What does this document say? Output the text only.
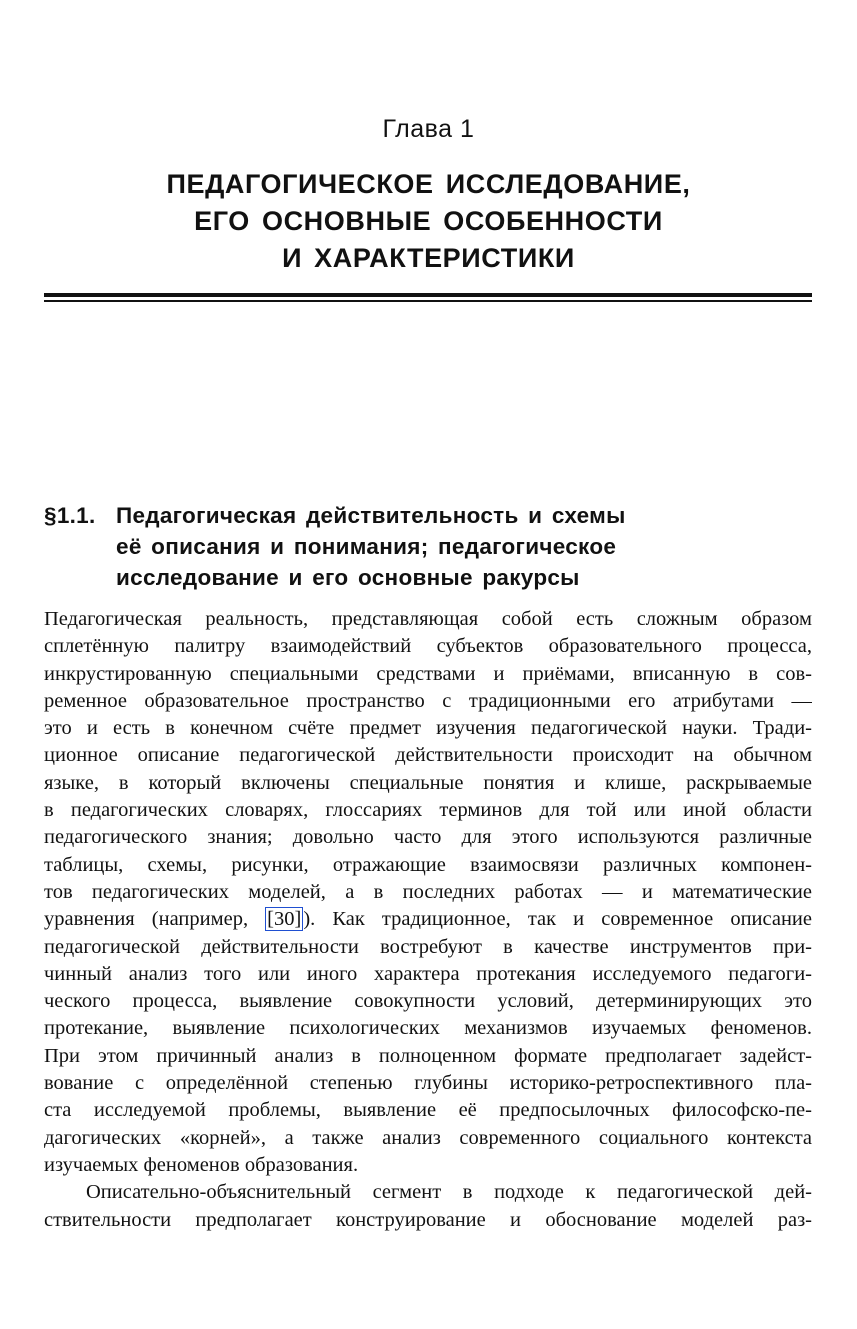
Глава 1
ПЕДАГОГИЧЕСКОЕ ИССЛЕДОВАНИЕ,
ЕГО ОСНОВНЫЕ ОСОБЕННОСТИ
И ХАРАКТЕРИСТИКИ
§1.1. Педагогическая действительность и схемы
её описания и понимания; педагогическое
исследование и его основные ракурсы
Педагогическая реальность, представляющая собой есть сложным образом
сплетённую палитру взаимодействий субъектов образовательного процесса,
инкрустированную специальными средствами и приёмами, вписанную в сов-
ременное образовательное пространство с традиционными его атрибутами —
это и есть в конечном счёте предмет изучения педагогической науки. Тради-
ционное описание педагогической действительности происходит на обычном
языке, в который включены специальные понятия и клише, раскрываемые
в педагогических словарях, глоссариях терминов для той или иной области
педагогического знания; довольно часто для этого используются различные
таблицы, схемы, рисунки, отражающие взаимосвязи различных компонен-
тов педагогических моделей, а в последних работах — и математические
уравнения (например, [30]). Как традиционное, так и современное описание
педагогической действительности востребуют в качестве инструментов при-
чинный анализ того или иного характера протекания исследуемого педагоги-
ческого процесса, выявление совокупности условий, детерминирующих это
протекание, выявление психологических механизмов изучаемых феноменов.
При этом причинный анализ в полноценном формате предполагает задейст-
вование с определённой степенью глубины историко-ретроспективного пла-
ста исследуемой проблемы, выявление её предпосылочных философско-пе-
дагогических «корней», а также анализ современного социального контекста
изучаемых феноменов образования.
Описательно-объяснительный сегмент в подходе к педагогической дей-
ствительности предполагает конструирование и обоснование моделей раз-
